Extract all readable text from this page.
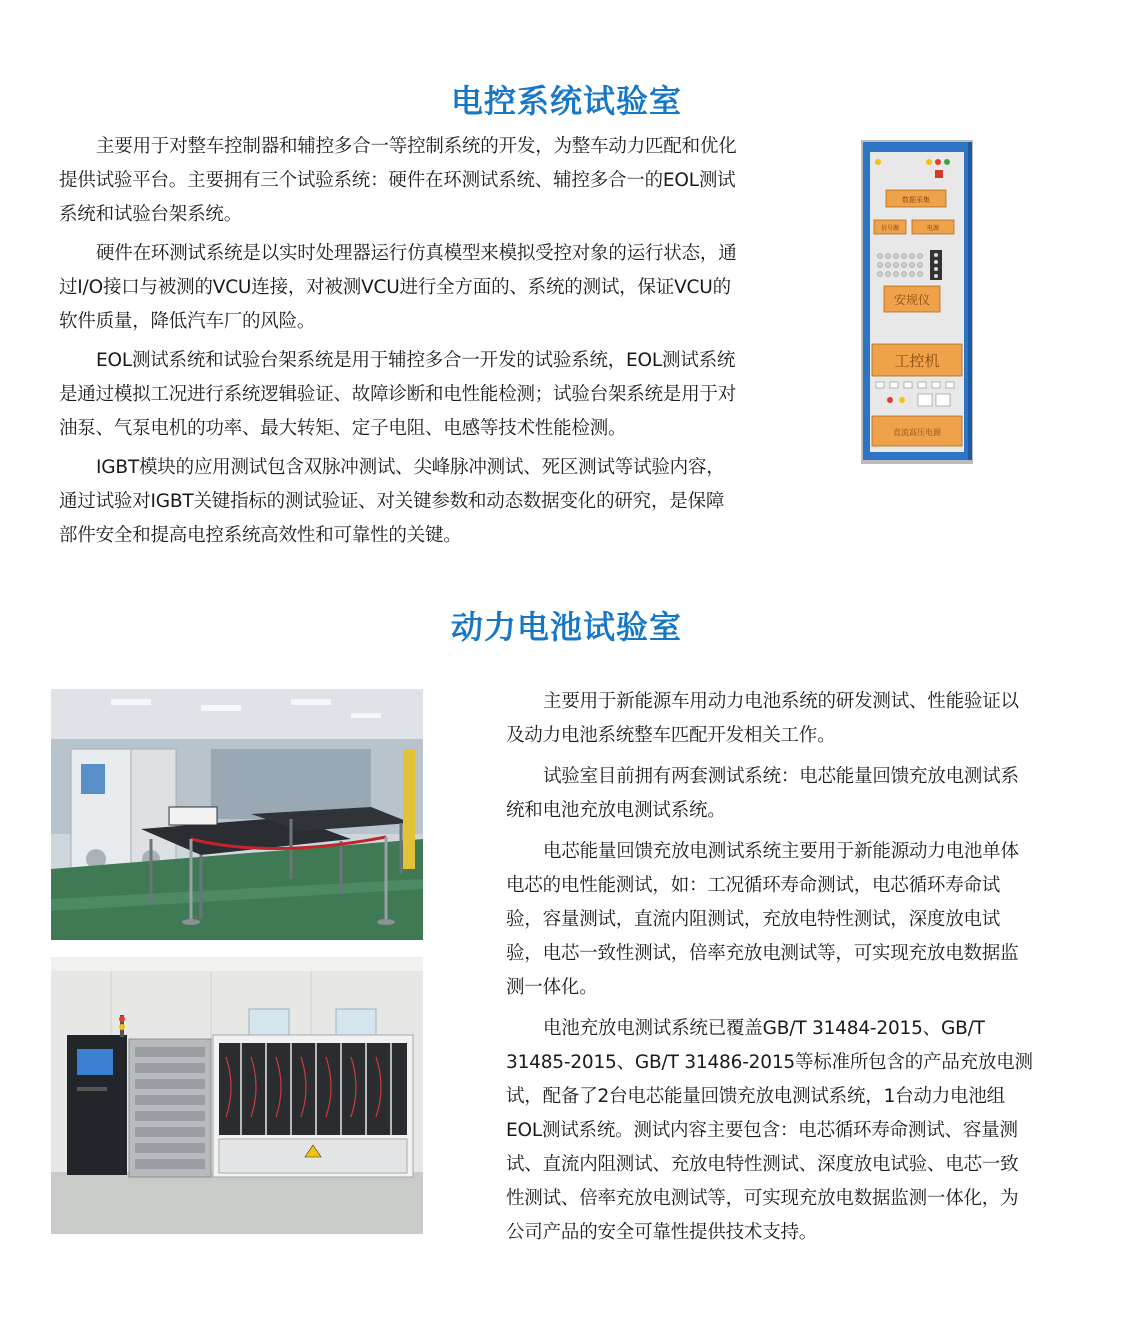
电控系统试验室

主要用于对整车控制器和辅控多合一等控制系统的开发，为整车动力匹配和优化提供试验平台。主要拥有三个试验系统：硬件在环测试系统、辅控多合一的EOL测试系统和试验台架系统。

硬件在环测试系统是以实时处理器运行仿真模型来模拟受控对象的运行状态，通过I/O接口与被测的VCU连接，对被测VCU进行全方面的、系统的测试，保证VCU的软件质量，降低汽车厂的风险。

EOL测试系统和试验台架系统是用于辅控多合一开发的试验系统，EOL测试系统是通过模拟工况进行系统逻辑验证、故障诊断和电性能检测；试验台架系统是用于对油泵、气泵电机的功率、最大转矩、定子电阻、电感等技术性能检测。

IGBT模块的应用测试包含双脉冲测试、尖峰脉冲测试、死区测试等试验内容，通过试验对IGBT关键指标的测试验证、对关键参数和动态数据变化的研究，是保障部件安全和提高电控系统高效性和可靠性的关键。

数据采集
信号源	电源
安规仪
工控机
直流高压电源
动力电池试验室

主要用于新能源车用动力电池系统的研发测试、性能验证以及动力电池系统整车匹配开发相关工作。

试验室目前拥有两套测试系统：电芯能量回馈充放电测试系统和电池充放电测试系统。

电芯能量回馈充放电测试系统主要用于新能源动力电池单体电芯的电性能测试，如：工况循环寿命测试，电芯循环寿命试验，容量测试，直流内阻测试，充放电特性测试，深度放电试验，电芯一致性测试，倍率充放电测试等，可实现充放电数据监测一体化。

电池充放电测试系统已覆盖GB/T 31484-2015、GB/T 31485-2015、GB/T 31486-2015等标准所包含的产品充放电测试，配备了2台电芯能量回馈充放电测试系统，1台动力电池组EOL测试系统。测试内容主要包含：电芯循环寿命测试、容量测试、直流内阻测试、充放电特性测试、深度放电试验、电芯一致性测试、倍率充放电测试等，可实现充放电数据监测一体化，为公司产品的安全可靠性提供技术支持。
